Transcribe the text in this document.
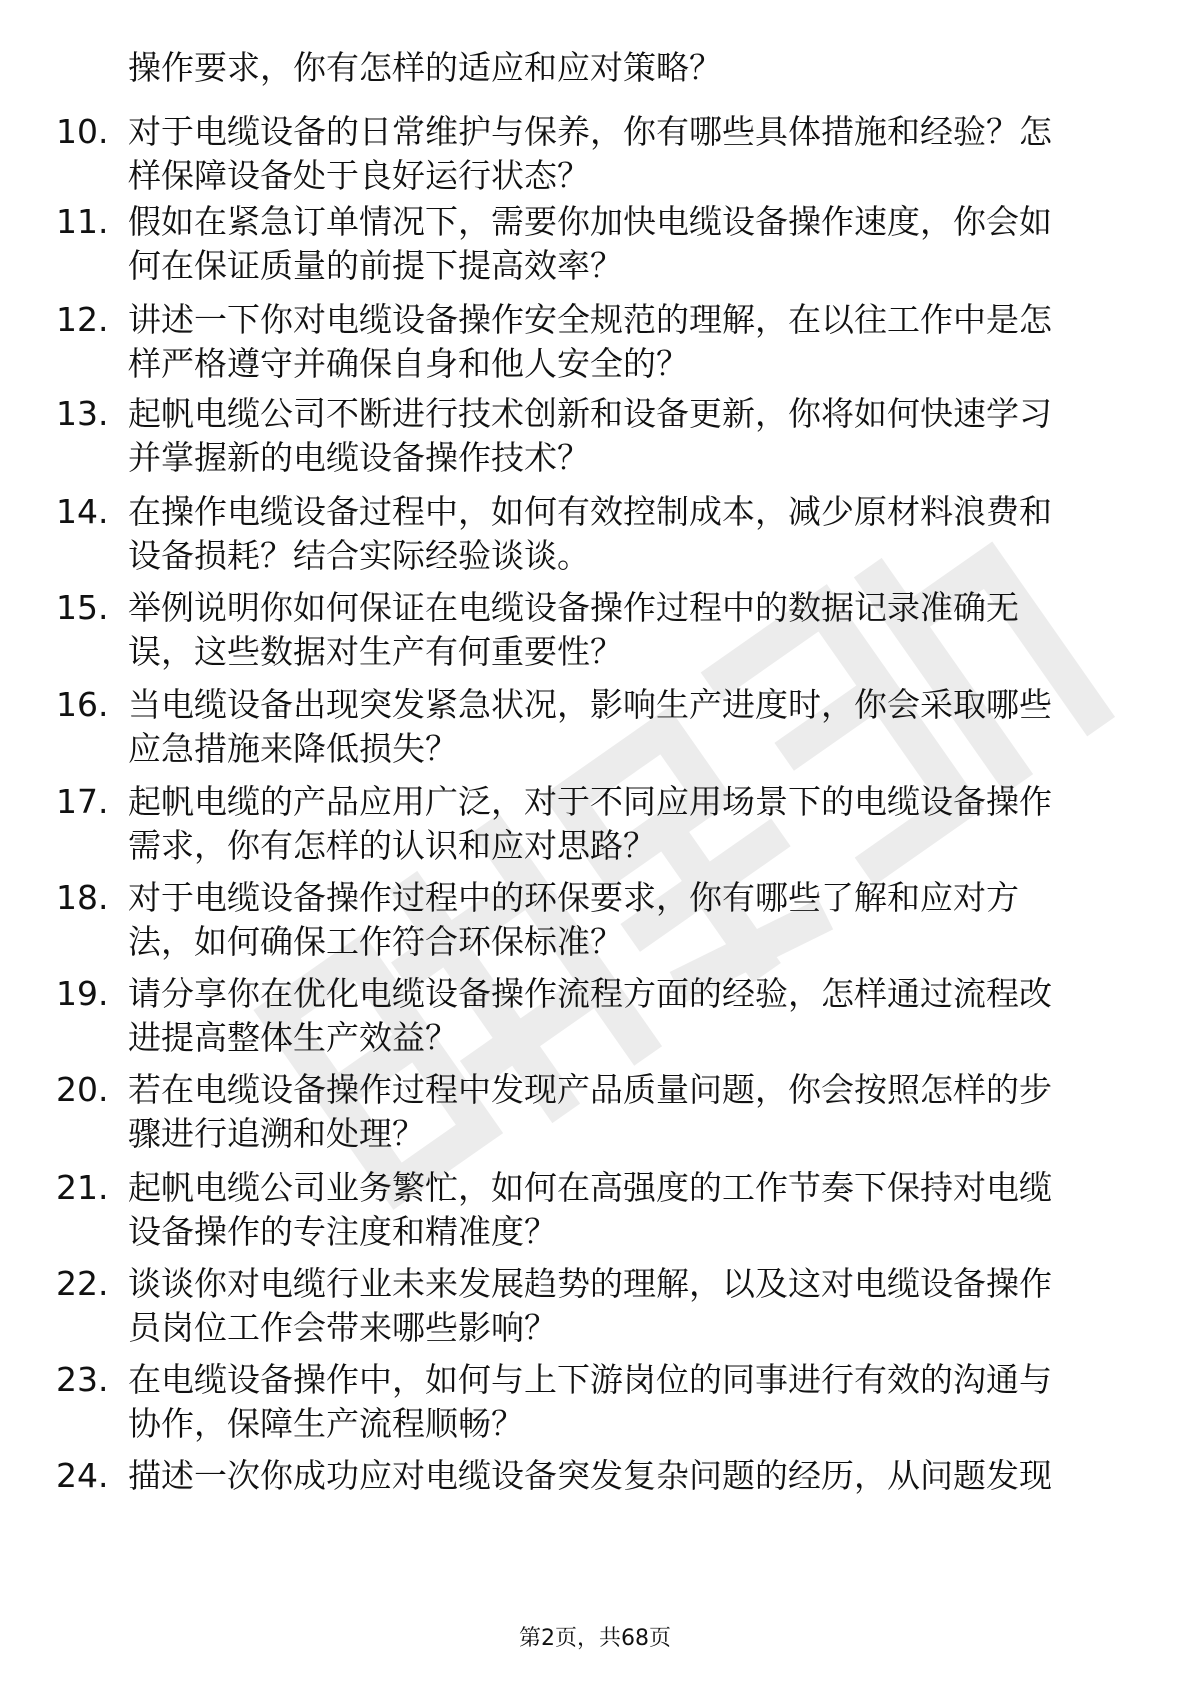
操作要求，你有怎样的适应和应对策略？
10. 对于电缆设备的日常维护与保养，你有哪些具体措施和经验？怎
样保障设备处于良好运行状态？
11. 假如在紧急订单情况下，需要你加快电缆设备操作速度，你会如
何在保证质量的前提下提高效率？
12. 讲述一下你对电缆设备操作安全规范的理解，在以往工作中是怎
样严格遵守并确保自身和他人安全的？
13. 起帆电缆公司不断进行技术创新和设备更新，你将如何快速学习
并掌握新的电缆设备操作技术？
14. 在操作电缆设备过程中，如何有效控制成本，减少原材料浪费和
设备损耗？结合实际经验谈谈。
15. 举例说明你如何保证在电缆设备操作过程中的数据记录准确无
误，这些数据对生产有何重要性？
16. 当电缆设备出现突发紧急状况，影响生产进度时，你会采取哪些
应急措施来降低损失？
17. 起帆电缆的产品应用广泛，对于不同应用场景下的电缆设备操作
需求，你有怎样的认识和应对思路？
18. 对于电缆设备操作过程中的环保要求，你有哪些了解和应对方
法，如何确保工作符合环保标准？
19. 请分享你在优化电缆设备操作流程方面的经验，怎样通过流程改
进提高整体生产效益？
20. 若在电缆设备操作过程中发现产品质量问题，你会按照怎样的步
骤进行追溯和处理？
21. 起帆电缆公司业务繁忙，如何在高强度的工作节奏下保持对电缆
设备操作的专注度和精准度？
22. 谈谈你对电缆行业未来发展趋势的理解，以及这对电缆设备操作
员岗位工作会带来哪些影响？
23. 在电缆设备操作中，如何与上下游岗位的同事进行有效的沟通与
协作，保障生产流程顺畅？
24. 描述一次你成功应对电缆设备突发复杂问题的经历，从问题发现
第2页，共68页
